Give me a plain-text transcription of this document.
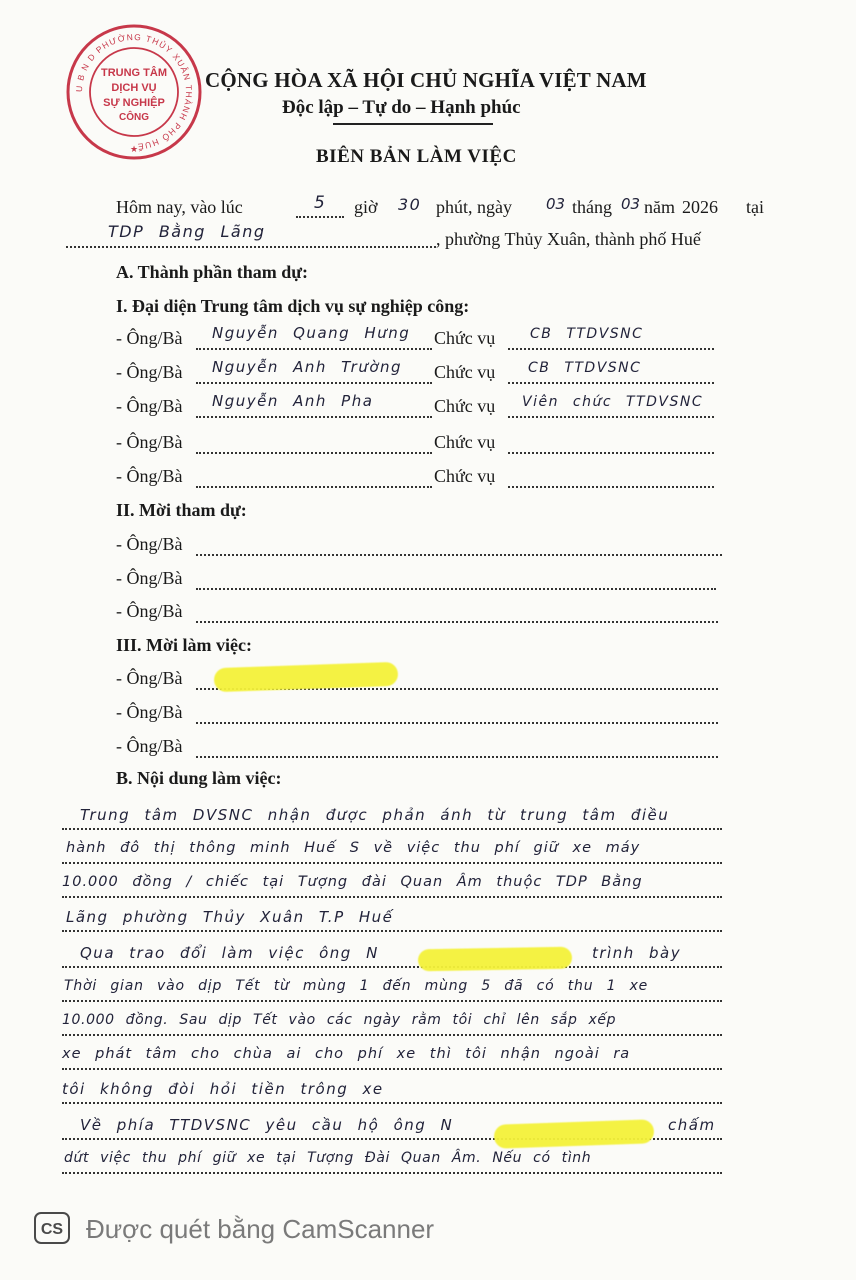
U B N D PHƯỜNG THỦY XUÂN THÀNH PHỐ HUẾ
TRUNG TÂM
DỊCH VỤ
SỰ NGHIỆP
CÔNG
★
CỘNG HÒA XÃ HỘI CHỦ NGHĨA VIỆT NAM
Độc lập – Tự do – Hạnh phúc
BIÊN BẢN LÀM VIỆC
Hôm nay, vào lúc	5 giờ 30 phút, ngày 03 tháng 03 năm 2026 tại
TDP Bằng Lãng	, phường Thủy Xuân, thành phố Huế
A. Thành phần tham dự:
I. Đại diện Trung tâm dịch vụ sự nghiệp công:
- Ông/Bà Nguyễn Quang Hưng Chức vụ CB TTDVSNC
- Ông/Bà Nguyễn Anh Trường Chức vụ CB TTDVSNC
- Ông/Bà Nguyễn Anh Pha	Chức vụ Viên chức TTDVSNC
- Ông/Bà	Chức vụ
- Ông/Bà	Chức vụ
II. Mời tham dự:
- Ông/Bà
- Ông/Bà
- Ông/Bà
III. Mời làm việc:
- Ông/Bà
- Ông/Bà
- Ông/Bà
B. Nội dung làm việc:
Trung tâm DVSNC nhận được phản ánh từ trung tâm điều
hành đô thị thông minh Huế S về việc thu phí giữ xe máy
10.000 đồng / chiếc tại Tượng đài Quan Âm thuộc TDP Bằng
Lãng phường Thủy Xuân T.P Huế
Qua trao đổi làm việc ông N	trình bày
Thời gian vào dịp Tết từ mùng 1 đến mùng 5 đã có thu 1 xe
10.000 đồng. Sau dịp Tết vào các ngày rằm tôi chỉ lên sắp xếp
xe phát tâm cho chùa ai cho phí xe thì tôi nhận ngoài ra
tôi không đòi hỏi tiền trông xe
Về phía TTDVSNC yêu cầu hộ ông N	chấm
dứt việc thu phí giữ xe tại Tượng Đài Quan Âm. Nếu có tình
CS Được quét bằng CamScanner
